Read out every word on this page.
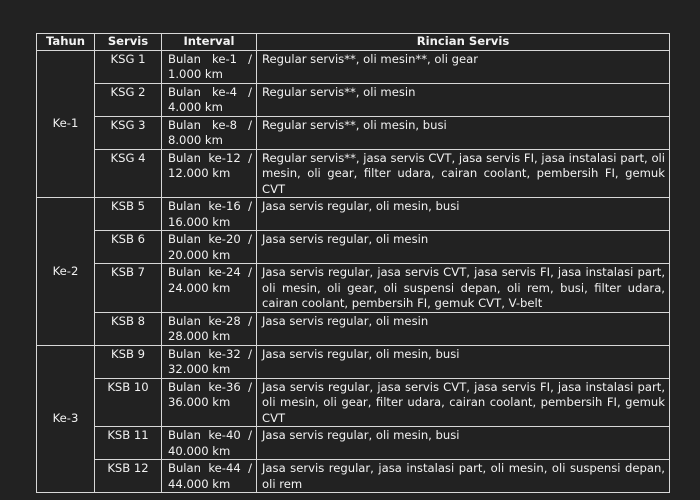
Tahun	Servis	Interval	Rincian Servis
Ke-1	KSG 1	Bulan ke-1 / 1.000 km	Regular servis**, oli mesin**, oli gear
	KSG 2	Bulan ke-4 / 4.000 km	Regular servis**, oli mesin
	KSG 3	Bulan ke-8 / 8.000 km	Regular servis**, oli mesin, busi
	KSG 4	Bulan ke-12 / 12.000 km	Regular servis**, jasa servis CVT, jasa servis FI, jasa instalasi part, oli mesin, oli gear, filter udara, cairan coolant, pembersih FI, gemuk CVT
Ke-2	KSB 5	Bulan ke-16 / 16.000 km	Jasa servis regular, oli mesin, busi
	KSB 6	Bulan ke-20 / 20.000 km	Jasa servis regular, oli mesin
	KSB 7	Bulan ke-24 / 24.000 km	Jasa servis regular, jasa servis CVT, jasa servis FI, jasa instalasi part, oli mesin, oli gear, oli suspensi depan, oli rem, busi, filter udara, cairan coolant, pembersih FI, gemuk CVT, V-belt
	KSB 8	Bulan ke-28 / 28.000 km	Jasa servis regular, oli mesin
Ke-3	KSB 9	Bulan ke-32 / 32.000 km	Jasa servis regular, oli mesin, busi
	KSB 10	Bulan ke-36 / 36.000 km	Jasa servis regular, jasa servis CVT, jasa servis FI, jasa instalasi part, oli mesin, oli gear, filter udara, cairan coolant, pembersih FI, gemuk CVT
	KSB 11	Bulan ke-40 / 40.000 km	Jasa servis regular, oli mesin, busi
	KSB 12	Bulan ke-44 / 44.000 km	Jasa servis regular, jasa instalasi part, oli mesin, oli suspensi depan, oli rem
